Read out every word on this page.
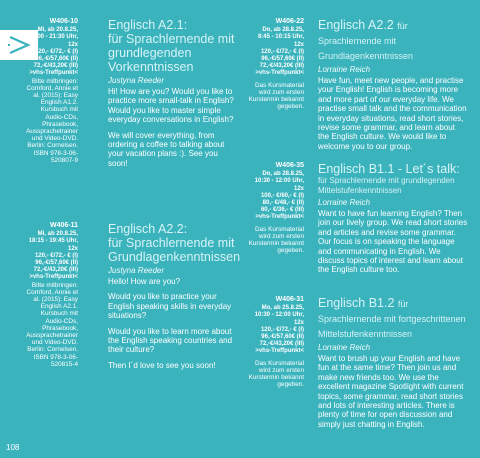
W406-10
Mi, ab 20.8.25,
20:00 - 21:30 Uhr,
12x
120,- €/72,- € (I)
96,-€/57,60€ (II)
72,-€/43,20€ (III)
>vhs-Treffpunkt<
Bitte mitbringen: Cornford, Annie et al. (2015): Easy English A1.2. Kursbuch mit Audio-CDs, Phrasebook, Aussprachetrainer und Video-DVD. Berlin: Cornelsen.
ISBN 978-3-06-520807-9
W406-11
Mi, ab 20.8.25,
18:15 - 19:45 Uhr,
12x
120,- €/72,- € (I)
96,-€/57,60€ (II)
72,-€/43,20€ (III)
>vhs-Treffpunkt<
Bitte mitbringen: Cornford, Annie et al. (2015): Easy English A2.1. Kursbuch mit Audio-CDs, Phrasebook, Aussprachetrainer und Video-DVD. Berlin: Cornelsen.
ISBN 978-3-06-520815-4
Englisch A2.1:
für Sprachlernende mit grundlegenden Vorkenntnissen
Justyna Reeder
Hi! How are you? Would you like to practice more small-talk in English? Would you like to master simple everyday conversations in English?
We will cover everything, from ordering a coffee to talking about your vacation plans :). See you soon!
Englisch A2.2:
für Sprachlernende mit Grundlagenkenntnissen
Justyna Reeder
Hello! How are you?
Would you like to practice your English speaking skills in everyday situations?
Would you like to learn more about the English speaking countries and their culture?
Then I´d love to see you soon!
W406-22
Do, ab 28.8.25,
8:45 - 10:15 Uhr,
12x
120,- €/72,- € (I)
96,-€/57,60€ (II)
72,-€/43,20€ (III)
>vhs-Treffpunkt<
Das Kursmaterial wird zum ersten Kurstermin bekannt gegeben.
W406-35
Do, ab 28.8.25,
10:30 - 12:00 Uhr,
12x
100,- €/60,- € (I)
80,- €/48,- € (II)
60,- €/36,- € (III)
>vhs-Treffpunkt<
Das Kursmaterial wird zum ersten Kurstermin bekannt gegeben.
W406-31
Mo, ab 25.8.25,
10:30 - 12:00 Uhr,
12x
120,- €/72,- € (I)
96,-€/57,60€ (II)
72,-€/43,20€ (III)
>vhs-Treffpunkt<
Das Kursmaterial wird zum ersten Kurstermin bekannt gegeben.
Englisch A2.2 für Sprachlernende mit Grundlagenkenntnissen
Lorraine Reich
Have fun, meet new people, and practise your English! English is becoming more and more part of our everyday life. We practise small talk and the communication in everyday situations, read short stories, revise some grammar, and learn about the English culture. We would like to welcome you to our group.
Englisch B1.1 - Let´s talk:
für Sprachlernende mit grundlegenden Mittelstufenkenntnissen
Lorraine Reich
Want to have fun learning English? Then join our lively group. We read short stories and articles and revise some grammar. Our focus is on speaking the language and communicating in English. We discuss topics of interest and learn about the English culture too.
Englisch B1.2 für Sprachlernende mit fortgeschrittenen Mittelstufenkenntnissen
Lorraine Reich
Want to brush up your English and have fun at the same time? Then join us and make new friends too. We use the excellent magazine Spotlight with current topics, some grammar, read short stories and lots of interesting articles. There is plenty of time for open discussion and simply just chatting in English.
108
